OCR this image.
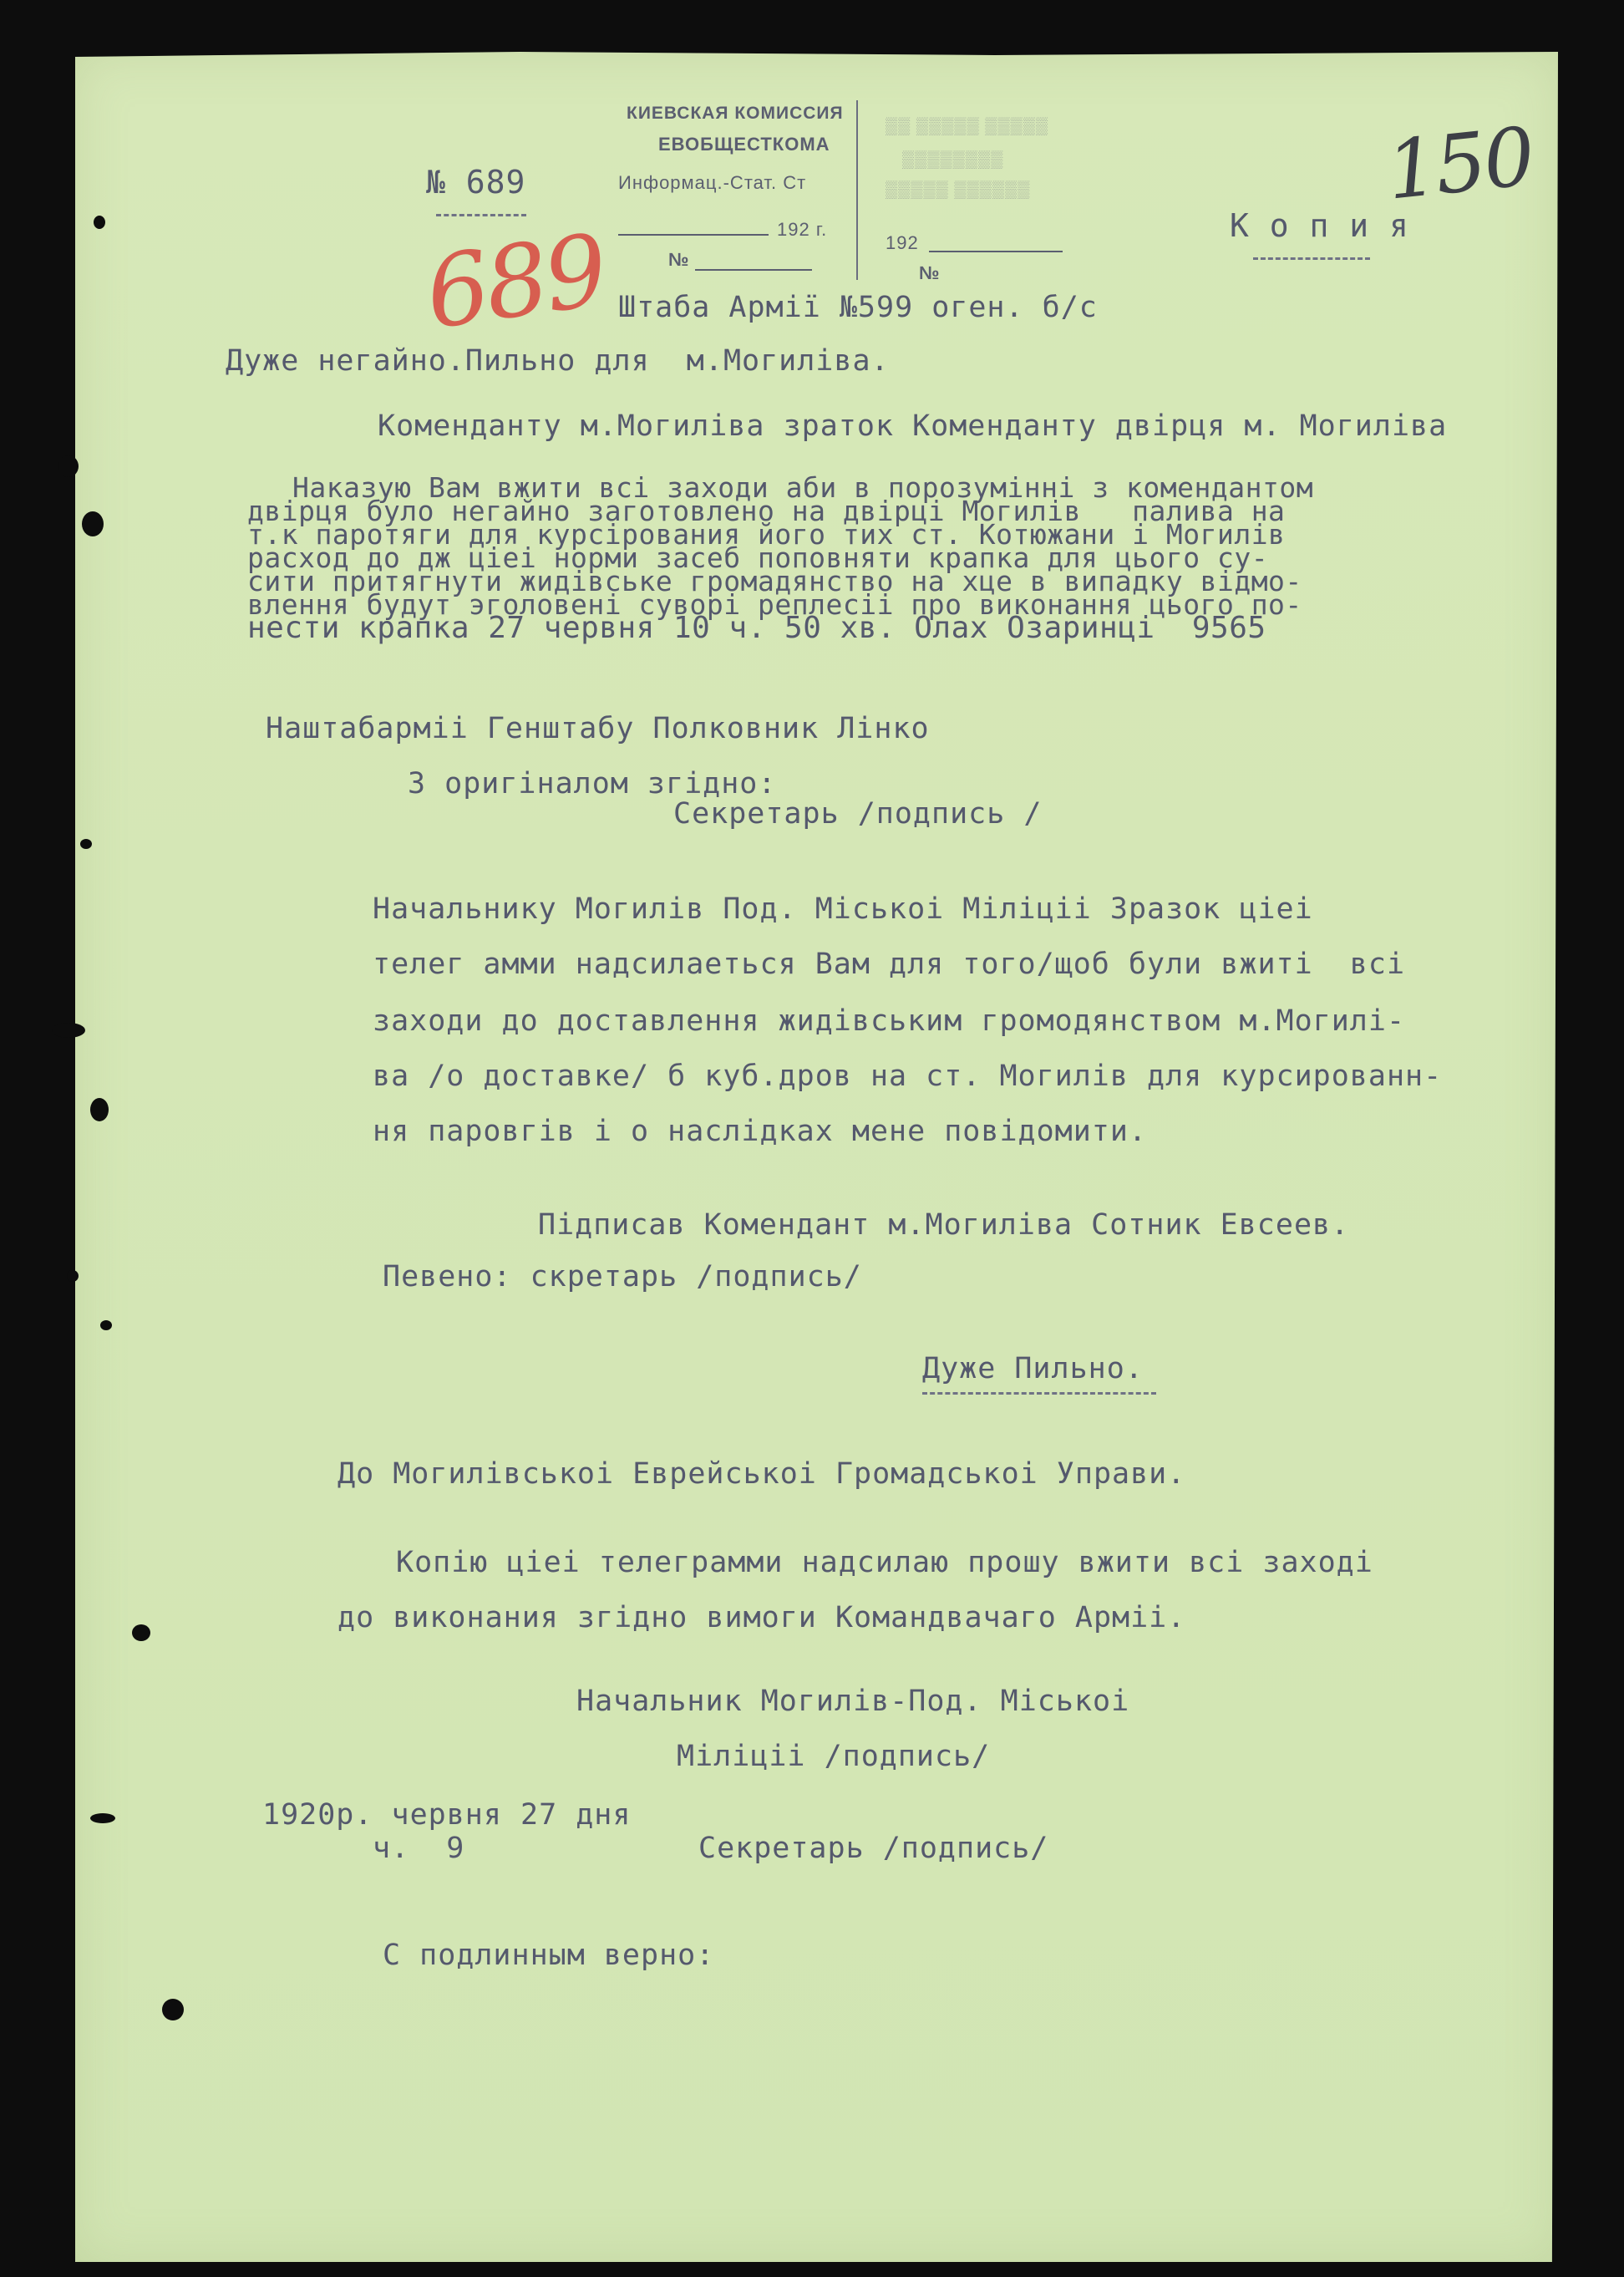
№ 689
КИЕВСКАЯ КОМИССИЯ
ЕВОБЩЕСТКОМА
Информац.-Стат. Ст
192 г.
№
▒▒ ▒▒▒▒▒ ▒▒▒▒▒
▒▒▒▒▒▒▒▒
▒▒▒▒▒ ▒▒▒▒▒▒
192
№
К о п и я
150
689 Штаба Армії №599 оген. б/с
Дуже негайно.Пильно для  м.Могилiва.
Коменданту м.Могилiва зраток Коменданту двiрця м. Могилiва
Наказую Вам вжити всi заходи аби в порозумiннi з комендантом
двiрця було негайно заготовлено на двiрцi Могилiв   палива на
т.к паротяги для курсiрования його тих ст. Котюжани i Могилiв
расход до дж цiеi норми засеб поповняти крапка для цього су-
сити притягнути жидiвське громадянство на хце в випадку вiдмо-
влення будут эголовенi суворi реплесii про виконання цього по-
нести крапка 27 червня 10 ч. 50 хв. Олах Озаринцi  9565
Наштабармii Генштабу Полковник Лiнко
З оригiналом згiдно:
Секретарь /подпись /
Начальнику Могилiв Под. Мiськоi Мiлiцii Зразок цiеi
телег амми надсилаеться Вам для того/щоб були вжитi  всi
заходи до доставлення жидiвським громодянством м.Могилi-
ва /о доставке/ б куб.дров на ст. Могилiв для курсированн-
ня паровгiв i о наслiдках мене повiдомити.
Пiдписав Комендант м.Могилiва Сотник Евсеев.
Певено: скретарь /подпись/
Дуже Пильно.
До Могилiвськоi Еврейськоi Громадськоi Управи.
Копiю цiеi телеграмми надсилаю прошу вжити всi заходi
до виконания згiдно вимоги Командвачаго Армii.
Начальник Могилiв-Под. Мiськоi
Мiлiцii /подпись/
1920р. червня 27 дня
ч.  9	Секретарь /подпись/
С подлинным верно:
